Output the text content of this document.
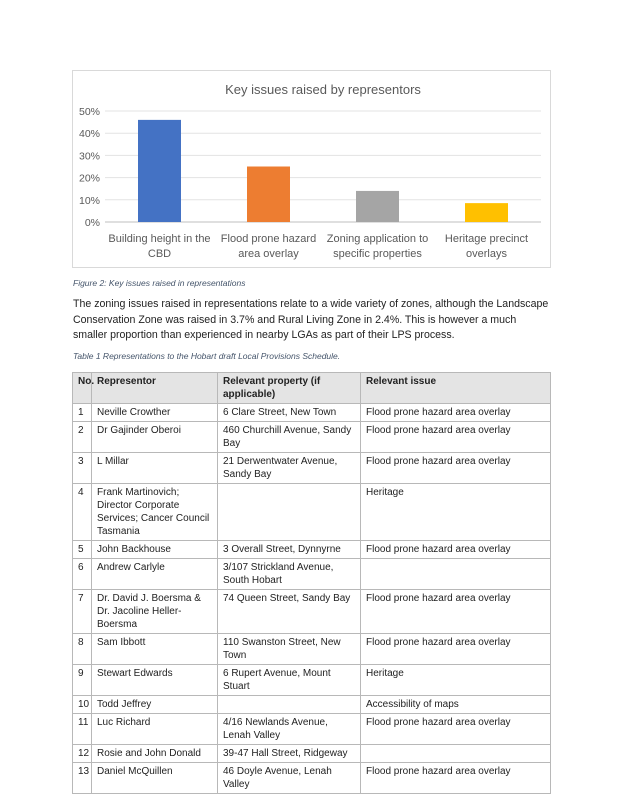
Key issues raised by representors
0%
10%
20%
30%
40%
50%
Building height in the
CBD
Flood prone hazard
area overlay
Zoning application to
specific properties
Heritage precinct
overlays
Figure 2: Key issues raised in representations
The zoning issues raised in representations relate to a wide variety of zones, although the Landscape Conservation Zone was raised in 3.7% and Rural Living Zone in 2.4%. This is however a much smaller proportion than experienced in nearby LGAs as part of their LPS process.
Table 1 Representations to the Hobart draft Local Provisions Schedule.
No.	Representor	Relevant property (if applicable)	Relevant issue
1	Neville Crowther	6 Clare Street, New Town	Flood prone hazard area overlay
2	Dr Gajinder Oberoi	460 Churchill Avenue, Sandy Bay	Flood prone hazard area overlay
3	L Millar	21 Derwentwater Avenue, Sandy Bay	Flood prone hazard area overlay
4	Frank Martinovich; Director Corporate Services; Cancer Council Tasmania		Heritage
5	John Backhouse	3 Overall Street, Dynnyrne	Flood prone hazard area overlay
6	Andrew Carlyle	3/107 Strickland Avenue, South Hobart	
7	Dr. David J. Boersma & Dr. Jacoline Heller-Boersma	74 Queen Street, Sandy Bay	Flood prone hazard area overlay
8	Sam Ibbott	110 Swanston Street, New Town	Flood prone hazard area overlay
9	Stewart Edwards	6 Rupert Avenue, Mount Stuart	Heritage
10	Todd Jeffrey		Accessibility of maps
11	Luc Richard	4/16 Newlands Avenue, Lenah Valley	Flood prone hazard area overlay
12	Rosie and John Donald	39-47 Hall Street, Ridgeway	
13	Daniel McQuillen	46 Doyle Avenue, Lenah Valley	Flood prone hazard area overlay
